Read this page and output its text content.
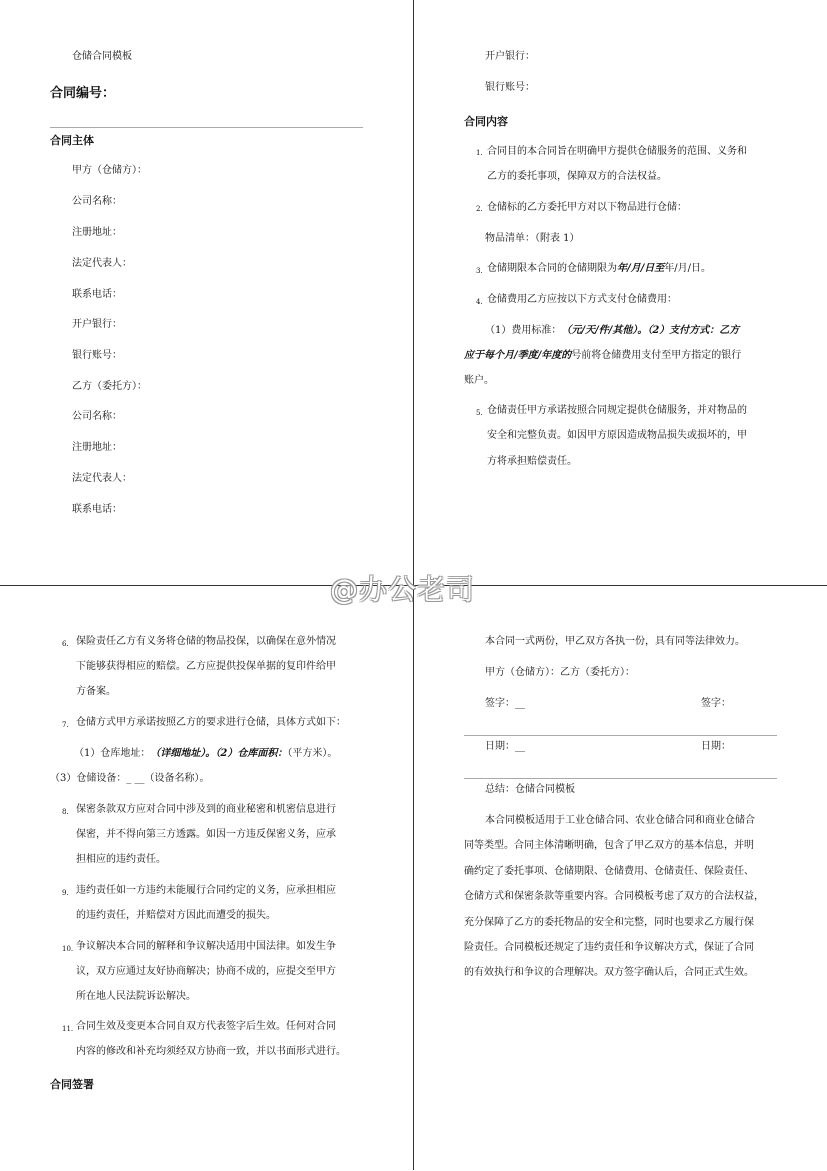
仓储合同模板
合同编号：
合同主体
甲方（仓储方）：
公司名称：
注册地址：
法定代表人：
联系电话：
开户银行：
银行账号：
乙方（委托方）：
公司名称：
注册地址：
法定代表人：
联系电话：
开户银行：
银行账号：
合同内容
1. 合同目的本合同旨在明确甲方提供仓储服务的范围、义务和
乙方的委托事项，保障双方的合法权益。
2. 仓储标的乙方委托甲方对以下物品进行仓储：
物品清单：（附表 1）
3. 仓储期限本合同的仓储期限为年/月/日至年/月/日。
4. 仓储费用乙方应按以下方式支付仓储费用：
（1）费用标准：（元/天/件/其他）。（2）支付方式：乙方
应于每个月/季度/年度的号前将仓储费用支付至甲方指定的银行
账户。
5. 仓储责任甲方承诺按照合同规定提供仓储服务，并对物品的
安全和完整负责。如因甲方原因造成物品损失或损坏的，甲
方将承担赔偿责任。
6. 保险责任乙方有义务将仓储的物品投保，以确保在意外情况
下能够获得相应的赔偿。乙方应提供投保单据的复印件给甲
方备案。
7. 仓储方式甲方承诺按照乙方的要求进行仓储，具体方式如下：
（1）仓库地址：（详细地址）。（2）仓库面积：（平方米）。
（3）仓储设备：_ __（设备名称）。
8. 保密条款双方应对合同中涉及到的商业秘密和机密信息进行
保密，并不得向第三方透露。如因一方违反保密义务，应承
担相应的违约责任。
9. 违约责任如一方违约未能履行合同约定的义务，应承担相应
的违约责任，并赔偿对方因此而遭受的损失。
10. 争议解决本合同的解释和争议解决适用中国法律。如发生争
议，双方应通过友好协商解决；协商不成的，应提交至甲方
所在地人民法院诉讼解决。
11. 合同生效及变更本合同自双方代表签字后生效。任何对合同
内容的修改和补充均须经双方协商一致，并以书面形式进行。
合同签署
本合同一式两份，甲乙双方各执一份，具有同等法律效力。
甲方（仓储方）：乙方（委托方）：
签字：__	签字：
日期：__	日期：
总结：仓储合同模板
本合同模板适用于工业仓储合同、农业仓储合同和商业仓储合
同等类型。合同主体清晰明确，包含了甲乙双方的基本信息，并明
确约定了委托事项、仓储期限、仓储费用、仓储责任、保险责任、
仓储方式和保密条款等重要内容。合同模板考虑了双方的合法权益，
充分保障了乙方的委托物品的安全和完整，同时也要求乙方履行保
险责任。合同模板还规定了违约责任和争议解决方式，保证了合同
的有效执行和争议的合理解决。双方签字确认后，合同正式生效。
@办公老司
